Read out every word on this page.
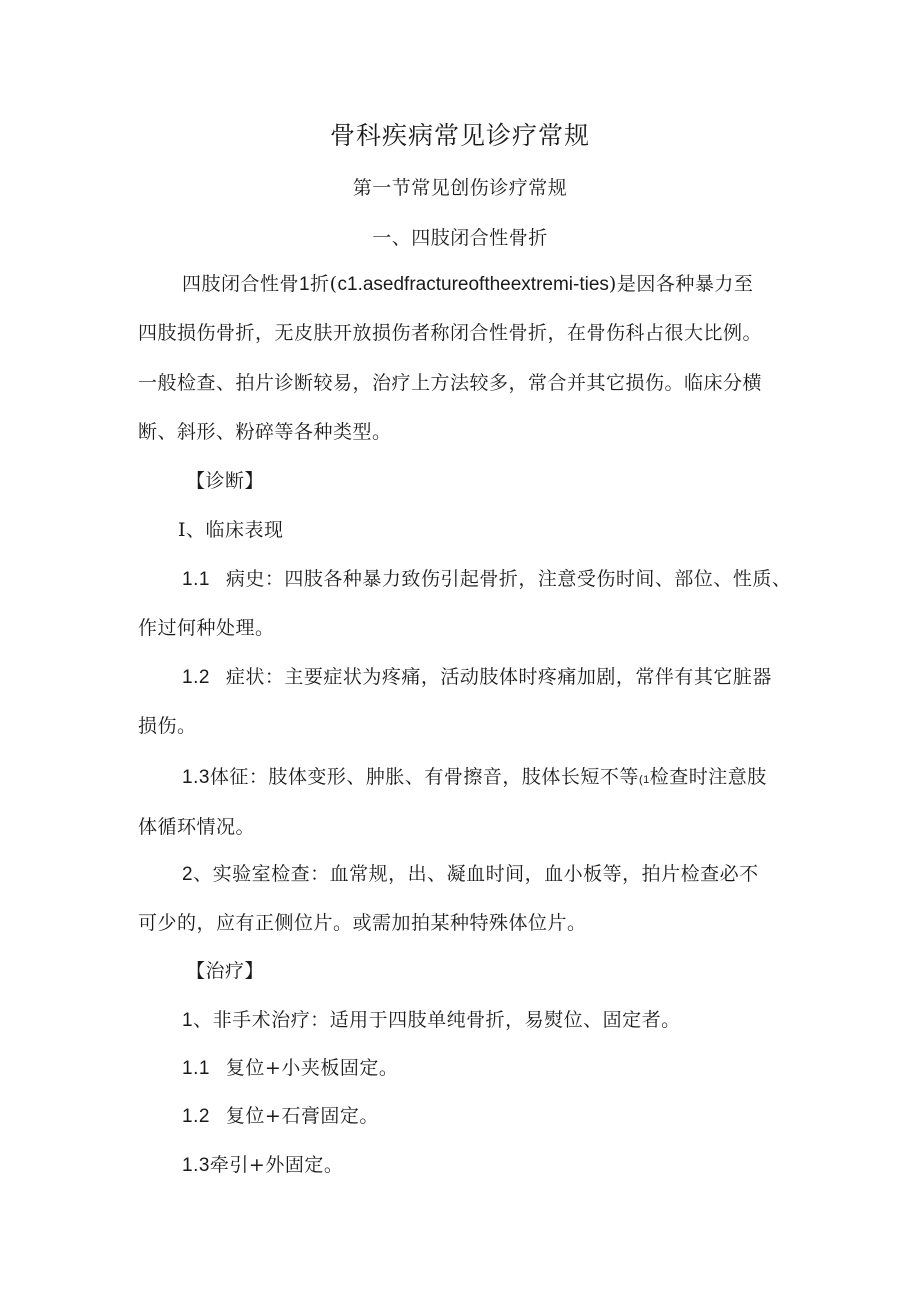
骨科疾病常见诊疗常规
第一节常见创伤诊疗常规
一、四肢闭合性骨折
四肢闭合性骨1折(c1.asedfractureoftheextremi-ties)是因各种暴力至
四肢损伤骨折，无皮肤开放损伤者称闭合性骨折，在骨伤科占很大比例。
一般检查、拍片诊断较易，治疗上方法较多，常合并其它损伤。临床分横
断、斜形、粉碎等各种类型。
【诊断】
I、临床表现
1.1 病史：四肢各种暴力致伤引起骨折，注意受伤时间、部位、性质、
作过何种处理。
1.2 症状：主要症状为疼痛，活动肢体时疼痛加剧，常伴有其它脏器
损伤。
1.3体征：肢体变形、肿胀、有骨擦音，肢体长短不等(1检查时注意肢
体循环情况。
2、实验室检查：血常规，出、凝血时间，血小板等，拍片检查必不
可少的，应有正侧位片。或需加拍某种特殊体位片。
【治疗】
1、非手术治疗：适用于四肢单纯骨折，易熨位、固定者。
1.1 复位+小夹板固定。
1.2 复位+石膏固定。
1.3牵引+外固定。
